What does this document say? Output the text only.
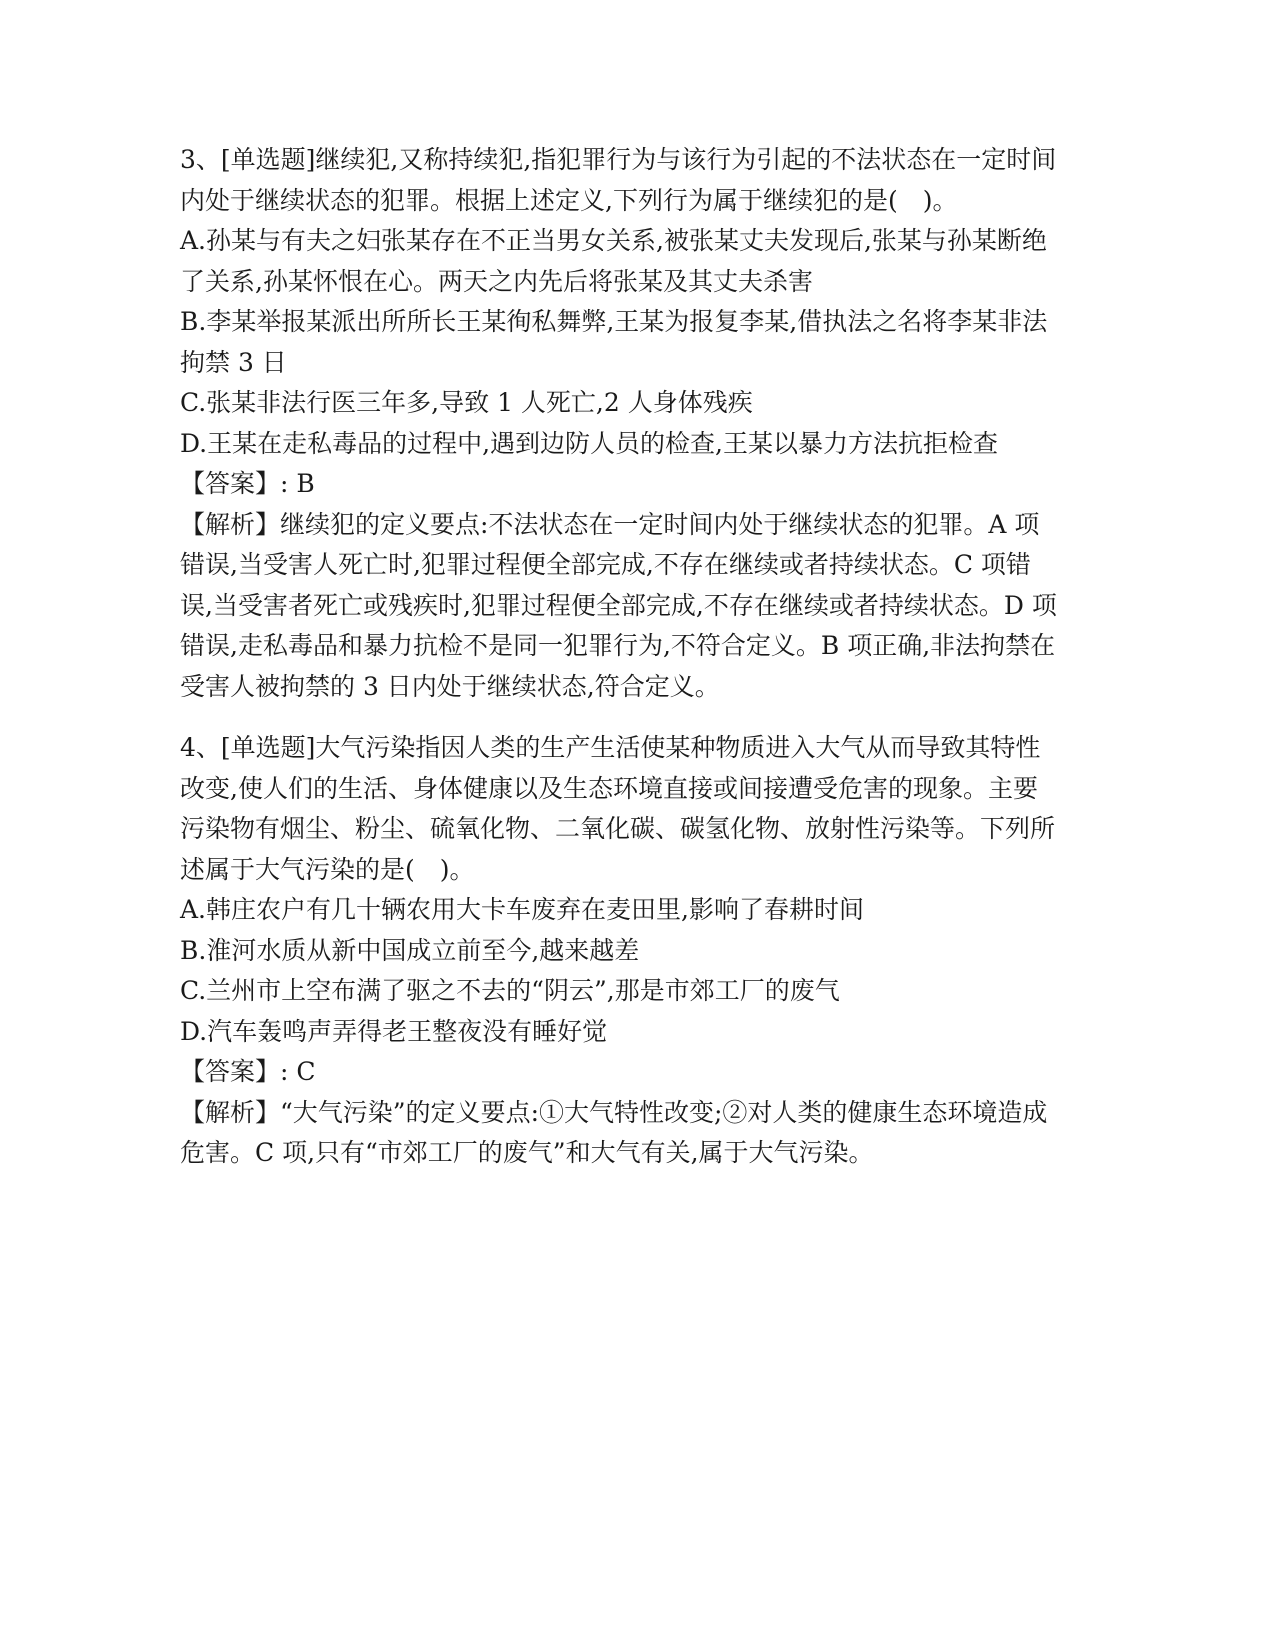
3、[单选题]继续犯,又称持续犯,指犯罪行为与该行为引起的不法状态在一定时间内处于继续状态的犯罪。根据上述定义,下列行为属于继续犯的是(　)。

A.孙某与有夫之妇张某存在不正当男女关系,被张某丈夫发现后,张某与孙某断绝了关系,孙某怀恨在心。两天之内先后将张某及其丈夫杀害

B.李某举报某派出所所长王某徇私舞弊,王某为报复李某,借执法之名将李某非法拘禁 3 日

C.张某非法行医三年多,导致 1 人死亡,2 人身体残疾

D.王某在走私毒品的过程中,遇到边防人员的检查,王某以暴力方法抗拒检查

【答案】: B

【解析】继续犯的定义要点:不法状态在一定时间内处于继续状态的犯罪。A 项错误,当受害人死亡时,犯罪过程便全部完成,不存在继续或者持续状态。C 项错误,当受害者死亡或残疾时,犯罪过程便全部完成,不存在继续或者持续状态。D 项错误,走私毒品和暴力抗检不是同一犯罪行为,不符合定义。B 项正确,非法拘禁在受害人被拘禁的 3 日内处于继续状态,符合定义。

4、[单选题]大气污染指因人类的生产生活使某种物质进入大气从而导致其特性改变,使人们的生活、身体健康以及生态环境直接或间接遭受危害的现象。主要污染物有烟尘、粉尘、硫氧化物、二氧化碳、碳氢化物、放射性污染等。下列所述属于大气污染的是(　)。

A.韩庄农户有几十辆农用大卡车废弃在麦田里,影响了春耕时间

B.淮河水质从新中国成立前至今,越来越差

C.兰州市上空布满了驱之不去的“阴云”,那是市郊工厂的废气

D.汽车轰鸣声弄得老王整夜没有睡好觉

【答案】: C

【解析】“大气污染”的定义要点:①大气特性改变;②对人类的健康生态环境造成危害。C 项,只有“市郊工厂的废气”和大气有关,属于大气污染。
